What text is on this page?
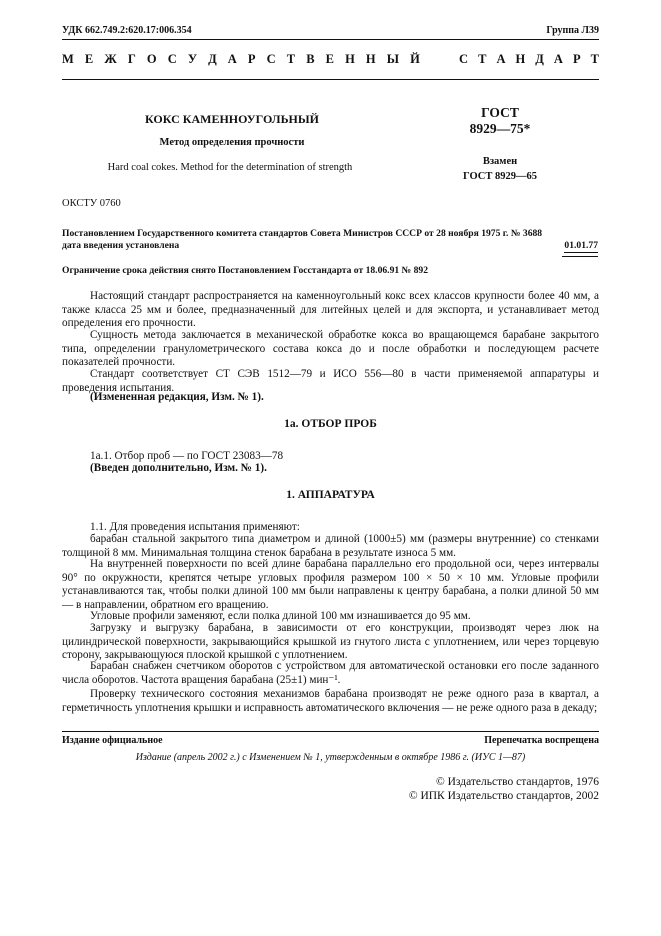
УДК 662.749.2:620.17:006.354	Группа Л39
М Е Ж Г О С У Д А Р С Т В Е Н Н Ы Й	С Т А Н Д А Р Т
КОКС КАМЕННОУГОЛЬНЫЙ
Метод определения прочности
Hard coal cokes. Method for the determination of strength
ГОСТ
8929—75*
Взамен
ГОСТ 8929—65
ОКСТУ 0760
Постановлением Государственного комитета стандартов Совета Министров СССР от 28 ноября 1975 г. № 3688
дата введения установлена	01.01.77
Ограничение срока действия снято Постановлением Госстандарта от 18.06.91 № 892
Настоящий стандарт распространяется на каменноугольный кокс всех классов крупности более 40 мм, а также класса 25 мм и более, предназначенный для литейных целей и для экспорта, и устанавливает метод определения его прочности.
Сущность метода заключается в механической обработке кокса во вращающемся барабане закрытого типа, определении гранулометрического состава кокса до и после обработки и последующем расчете показателей прочности.
Стандарт соответствует СТ СЭВ 1512—79 и ИСО 556—80 в части применяемой аппаратуры и проведения испытания.
(Измененная редакция, Изм. № 1).
1а. ОТБОР ПРОБ
1а.1. Отбор проб — по ГОСТ 23083—78
(Введен дополнительно, Изм. № 1).
1. АППАРАТУРА
1.1. Для проведения испытания применяют:
барабан стальной закрытого типа диаметром и длиной (1000±5) мм (размеры внутренние) со стенками толщиной 8 мм. Минимальная толщина стенок барабана в результате износа 5 мм.
На внутренней поверхности по всей длине барабана параллельно его продольной оси, через интервалы 90° по окружности, крепятся четыре угловых профиля размером 100 × 50 × 10 мм. Угловые профили устанавливаются так, чтобы полки длиной 100 мм были направлены к центру барабана, а полки длиной 50 мм — в направлении, обратном его вращению.
Угловые профили заменяют, если полка длиной 100 мм изнашивается до 95 мм.
Загрузку и выгрузку барабана, в зависимости от его конструкции, производят через люк на цилиндрической поверхности, закрывающийся крышкой из гнутого листа с уплотнением, или через торцевую сторону, закрывающуюся плоской крышкой с уплотнением.
Барабан снабжен счетчиком оборотов с устройством для автоматической остановки его после заданного числа оборотов. Частота вращения барабана (25±1) мин⁻¹.
Проверку технического состояния механизмов барабана производят не реже одного раза в квартал, а герметичность уплотнения крышки и исправность автоматического включения — не реже одного раза в декаду;
Издание официальное	Перепечатка воспрещена
Издание (апрель 2002 г.) с Изменением № 1, утвержденным в октябре 1986 г. (ИУС 1—87)
© Издательство стандартов, 1976
© ИПК Издательство стандартов, 2002
